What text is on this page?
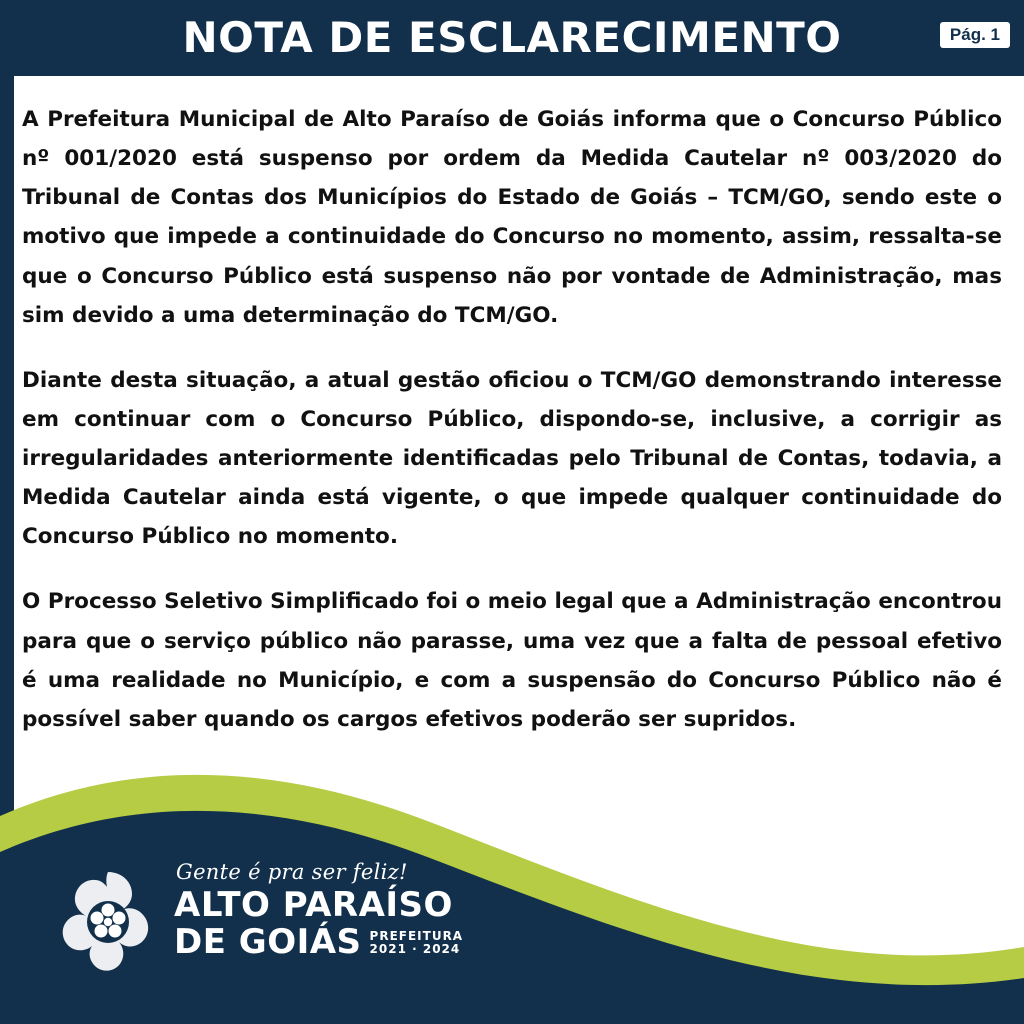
NOTA DE ESCLARECIMENTO	Pág. 1

A Prefeitura Municipal de Alto Paraíso de Goiás informa que o Concurso Público nº 001/2020 está suspenso por ordem da Medida Cautelar nº 003/2020 do Tribunal de Contas dos Municípios do Estado de Goiás – TCM/GO, sendo este o motivo que impede a continuidade do Concurso no momento, assim, ressalta-se que o Concurso Público está suspenso não por vontade de Administração, mas sim devido a uma determinação do TCM/GO.

Diante desta situação, a atual gestão oficiou o TCM/GO demonstrando interesse em continuar com o Concurso Público, dispondo-se, inclusive, a corrigir as irregularidades anteriormente identificadas pelo Tribunal de Contas, todavia, a Medida Cautelar ainda está vigente, o que impede qualquer continuidade do Concurso Público no momento.

O Processo Seletivo Simplificado foi o meio legal que a Administração encontrou para que o serviço público não parasse, uma vez que a falta de pessoal efetivo é uma realidade no Município, e com a suspensão do Concurso Público não é possível saber quando os cargos efetivos poderão ser supridos.

Gente é pra ser feliz!
ALTO PARAÍSO
DE GOIÁS PREFEITURA
2021 · 2024
